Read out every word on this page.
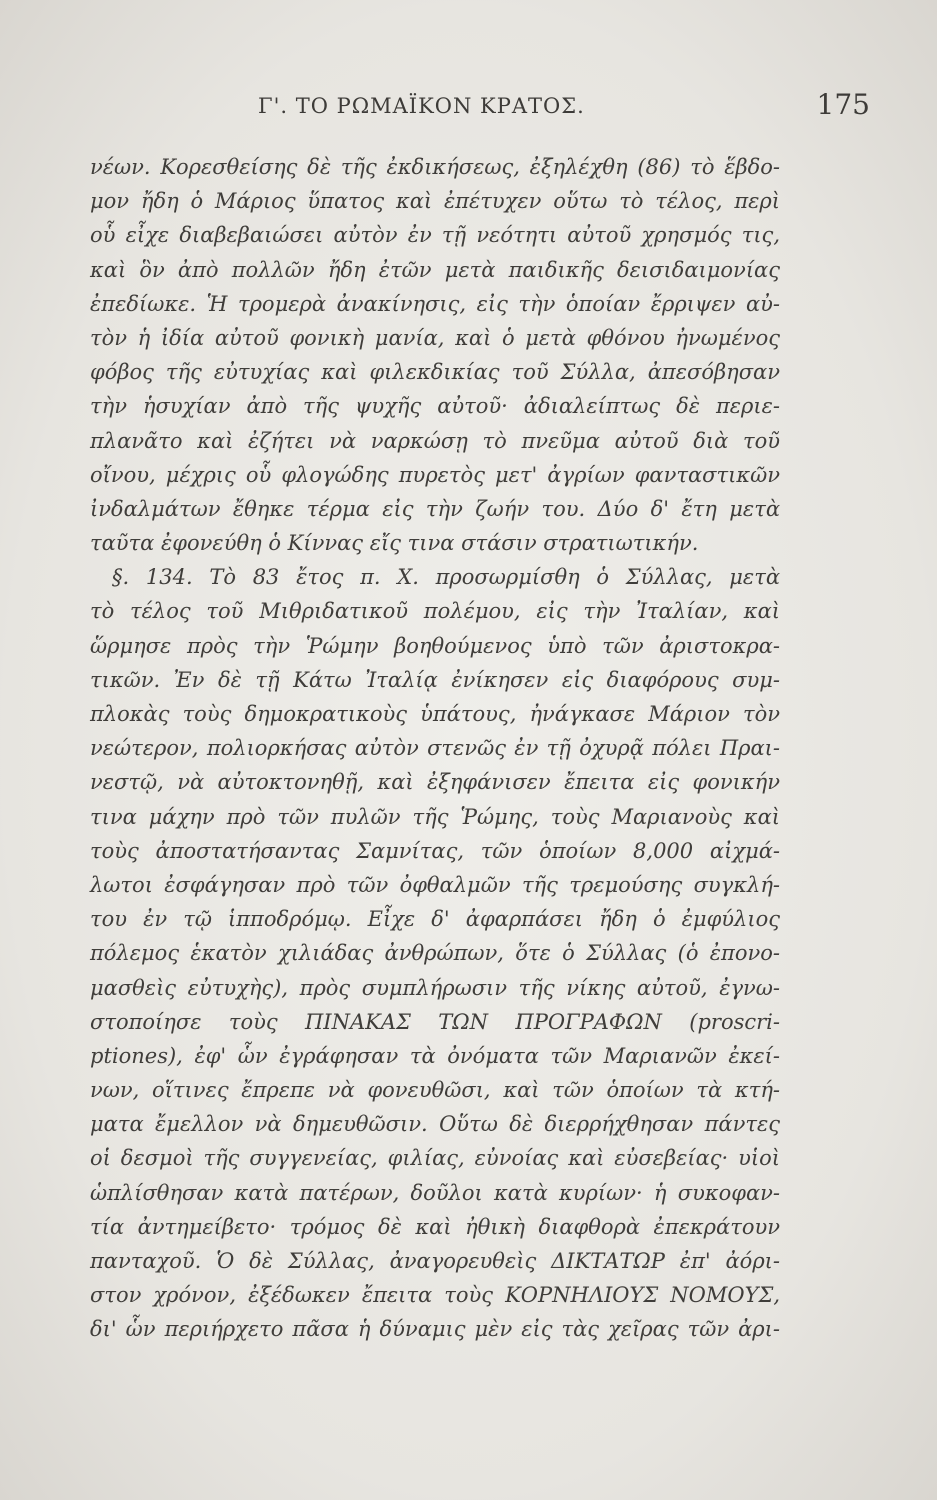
Γ'. ΤΟ ΡΩΜΑΪΚΟΝ ΚΡΑΤΟΣ.	175
νέων. Κορεσθείσης δὲ τῆς ἐκδικήσεως, ἐξηλέχθη (86) τὸ ἕβδο-
μον ἤδη ὁ Μάριος ὕπατος καὶ ἐπέτυχεν οὕτω τὸ τέλος, περὶ
οὗ εἶχε διαβεβαιώσει αὐτὸν ἐν τῇ νεότητι αὐτοῦ χρησμός τις,
καὶ ὃν ἀπὸ πολλῶν ἤδη ἐτῶν μετὰ παιδικῆς δεισιδαιμονίας
ἐπεδίωκε. Ἡ τρομερὰ ἀνακίνησις, εἰς τὴν ὁποίαν ἔρριψεν αὐ-
τὸν ἡ ἰδία αὐτοῦ φονικὴ μανία, καὶ ὁ μετὰ φθόνου ἠνωμένος
φόβος τῆς εὐτυχίας καὶ φιλεκδικίας τοῦ Σύλλα, ἀπεσόβησαν
τὴν ἡσυχίαν ἀπὸ τῆς ψυχῆς αὐτοῦ· ἀδιαλείπτως δὲ περιε-
πλανᾶτο καὶ ἐζήτει νὰ ναρκώσῃ τὸ πνεῦμα αὐτοῦ διὰ τοῦ
οἴνου, μέχρις οὗ φλογώδης πυρετὸς μετ' ἀγρίων φανταστικῶν
ἰνδαλμάτων ἔθηκε τέρμα εἰς τὴν ζωήν του. Δύο δ' ἔτη μετὰ
ταῦτα ἐφονεύθη ὁ Κίννας εἴς τινα στάσιν στρατιωτικήν.
§. 134. Τὸ 83 ἔτος π. Χ. προσωρμίσθη ὁ Σύλλας, μετὰ
τὸ τέλος τοῦ Μιθριδατικοῦ πολέμου, εἰς τὴν Ἰταλίαν, καὶ
ὥρμησε πρὸς τὴν Ῥώμην βοηθούμενος ὑπὸ τῶν ἀριστοκρα-
τικῶν. Ἐν δὲ τῇ Κάτω Ἰταλίᾳ ἐνίκησεν εἰς διαφόρους συμ-
πλοκὰς τοὺς δημοκρατικοὺς ὑπάτους, ἠνάγκασε Μάριον τὸν
νεώτερον, πολιορκήσας αὐτὸν στενῶς ἐν τῇ ὀχυρᾷ πόλει Πραι-
νεστῷ, νὰ αὐτοκτονηθῇ, καὶ ἐξηφάνισεν ἔπειτα εἰς φονικήν
τινα μάχην πρὸ τῶν πυλῶν τῆς Ῥώμης, τοὺς Μαριανοὺς καὶ
τοὺς ἀποστατήσαντας Σαμνίτας, τῶν ὁποίων 8,000 αἰχμά-
λωτοι ἐσφάγησαν πρὸ τῶν ὀφθαλμῶν τῆς τρεμούσης συγκλή-
του ἐν τῷ ἱπποδρόμῳ. Εἶχε δ' ἀφαρπάσει ἤδη ὁ ἐμφύλιος
πόλεμος ἑκατὸν χιλιάδας ἀνθρώπων, ὅτε ὁ Σύλλας (ὁ ἐπονο-
μασθεὶς εὐτυχὴς), πρὸς συμπλήρωσιν τῆς νίκης αὐτοῦ, ἐγνω-
στοποίησε τοὺς ΠΙΝΑΚΑΣ ΤΩΝ ΠΡΟΓΡΑΦΩΝ (proscri-
ptiones), ἐφ' ὧν ἐγράφησαν τὰ ὀνόματα τῶν Μαριανῶν ἐκεί-
νων, οἵτινες ἔπρεπε νὰ φονευθῶσι, καὶ τῶν ὁποίων τὰ κτή-
ματα ἔμελλον νὰ δημευθῶσιν. Οὕτω δὲ διερρήχθησαν πάντες
οἱ δεσμοὶ τῆς συγγενείας, φιλίας, εὐνοίας καὶ εὐσεβείας· υἱοὶ
ὡπλίσθησαν κατὰ πατέρων, δοῦλοι κατὰ κυρίων· ἡ συκοφαν-
τία ἀντημείβετο· τρόμος δὲ καὶ ἠθικὴ διαφθορὰ ἐπεκράτουν
πανταχοῦ. Ὁ δὲ Σύλλας, ἀναγορευθεὶς ΔΙΚΤΑΤΩΡ ἐπ' ἀόρι-
στον χρόνον, ἐξέδωκεν ἔπειτα τοὺς ΚΟΡΝΗΛΙΟΥΣ ΝΟΜΟΥΣ,
δι' ὧν περιήρχετο πᾶσα ἡ δύναμις μὲν εἰς τὰς χεῖρας τῶν ἀρι-
